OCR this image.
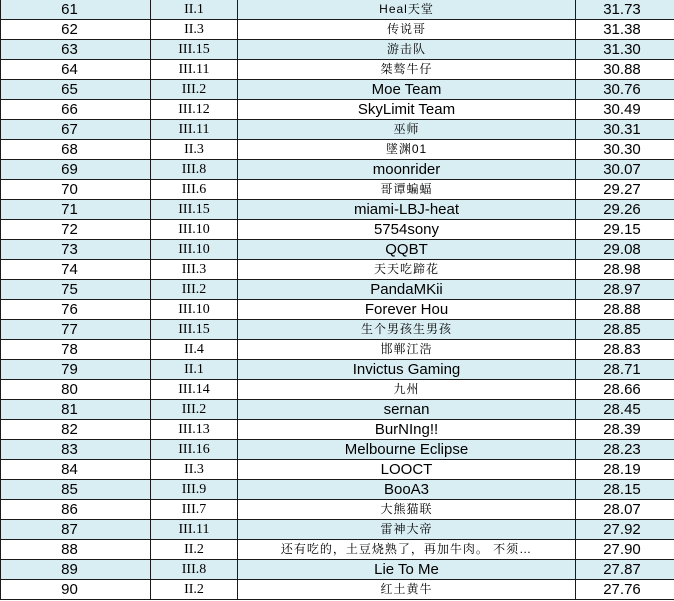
61	II.1	Heal天堂	31.73
62	II.3	传说哥	31.38
63	III.15	游击队	31.30
64	III.11	桀骜牛仔	30.88
65	III.2	Moe Team	30.76
66	III.12	SkyLimit Team	30.49
67	III.11	巫师	30.31
68	II.3	墜渊01	30.30
69	III.8	moonrider	30.07
70	III.6	哥谭蝙蝠	29.27
71	III.15	miami-LBJ-heat	29.26
72	III.10	5754sony	29.15
73	III.10	QQBT	29.08
74	III.3	天天吃蹄花	28.98
75	III.2	PandaMKii	28.97
76	III.10	Forever Hou	28.88
77	III.15	生个男孩生男孩	28.85
78	II.4	邯郸江浩	28.83
79	II.1	Invictus Gaming	28.71
80	III.14	九州	28.66
81	III.2	sernan	28.45
82	III.13	BurNIng!!	28.39
83	III.16	Melbourne Eclipse	28.23
84	II.3	LOOCT	28.19
85	III.9	BooA3	28.15
86	III.7	大熊猫联	28.07
87	III.11	雷神大帝	27.92
88	II.2	还有吃的，土豆烧熟了，再加牛肉。 不须…	27.90
89	III.8	Lie To Me	27.87
90	II.2	红土黄牛	27.76
